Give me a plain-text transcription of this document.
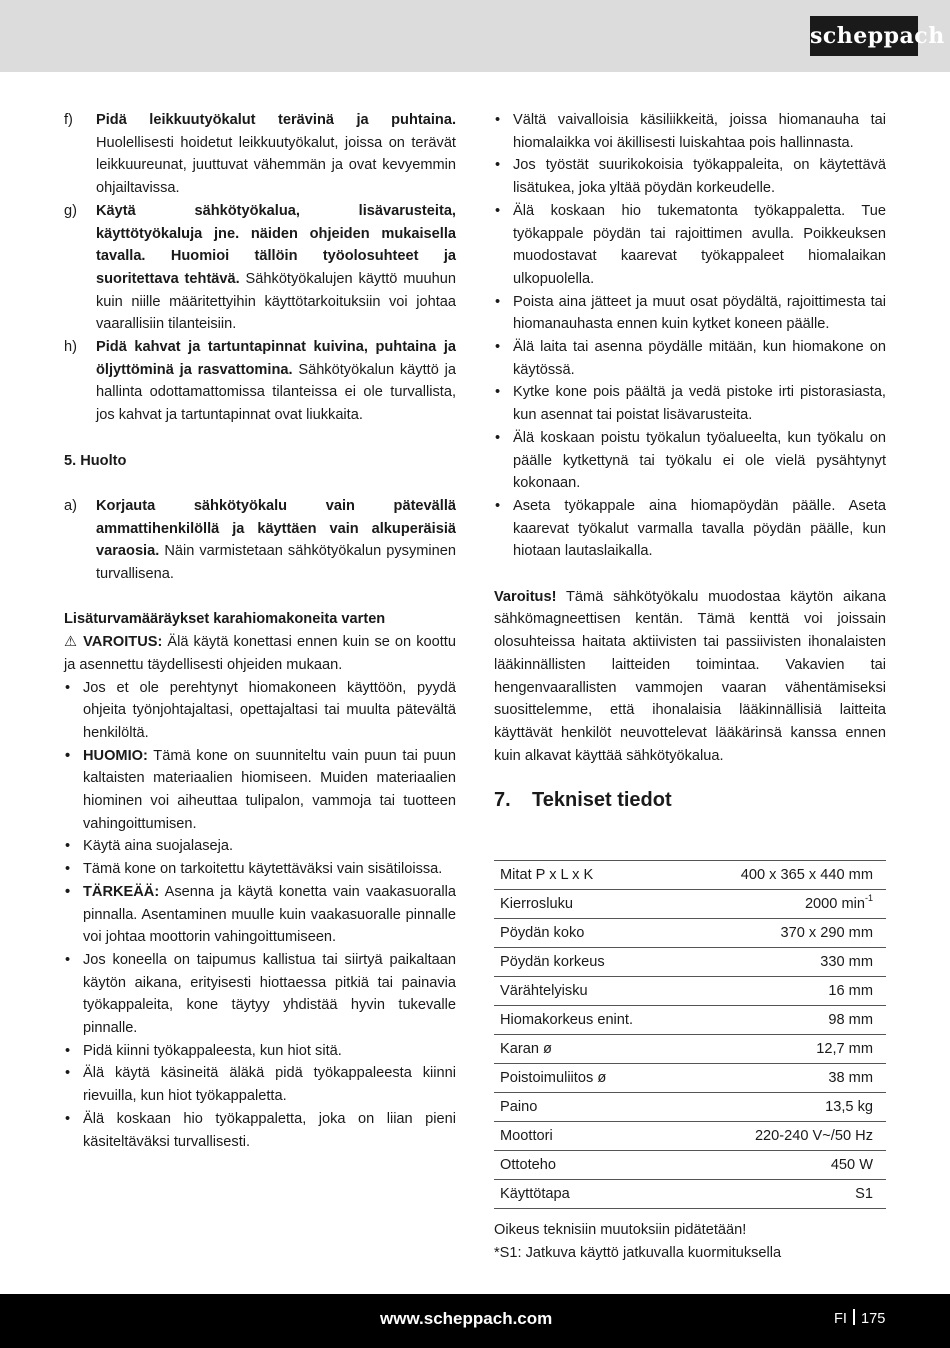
scheppach
f) Pidä leikkuutyökalut terävinä ja puhtaina. Huolellisesti hoidetut leikkuutyökalut, joissa on terävät leikkuureunat, juuttuvat vähemmän ja ovat kevyemmin ohjailtavissa.
g) Käytä sähkötyökalua, lisävarusteita, käyttötyökaluja jne. näiden ohjeiden mukaisella tavalla. Huomioi tällöin työolosuhteet ja suoritettava tehtävä. Sähkötyökalujen käyttö muuhun kuin niille määritettyihin käyttötarkoituksiin voi johtaa vaarallisiin tilanteisiin.
h) Pidä kahvat ja tartuntapinnat kuivina, puhtaina ja öljyttöminä ja rasvattomina. Sähkötyökalun käyttö ja hallinta odottamattomissa tilanteissa ei ole turvallista, jos kahvat ja tartuntapinnat ovat liukkaita.
5. Huolto
a) Korjauta sähkötyökalu vain pätevällä ammattihenkilöllä ja käyttäen vain alkuperäisiä varaosia. Näin varmistetaan sähkötyökalun pysyminen turvallisena.
Lisäturvamääräykset karahiomakoneita varten
⚠ VAROITUS: Älä käytä konettasi ennen kuin se on koottu ja asennettu täydellisesti ohjeiden mukaan.
• Jos et ole perehtynyt hiomakoneen käyttöön, pyydä ohjeita työnjohtajaltasi, opettajaltasi tai muulta pätevältä henkilöltä.
• HUOMIO: Tämä kone on suunniteltu vain puun tai puun kaltaisten materiaalien hiomiseen. Muiden materiaalien hiominen voi aiheuttaa tulipalon, vammoja tai tuotteen vahingoittumisen.
• Käytä aina suojalaseja.
• Tämä kone on tarkoitettu käytettäväksi vain sisätiloissa.
• TÄRKEÄÄ: Asenna ja käytä konetta vain vaakasuoralla pinnalla. Asentaminen muulle kuin vaakasuoralle pinnalle voi johtaa moottorin vahingoittumiseen.
• Jos koneella on taipumus kallistua tai siirtyä paikaltaan käytön aikana, erityisesti hiottaessa pitkiä tai painavia työkappaleita, kone täytyy yhdistää hyvin tukevalle pinnalle.
• Pidä kiinni työkappaleesta, kun hiot sitä.
• Älä käytä käsineitä äläkä pidä työkappaleesta kiinni rievuilla, kun hiot työkappaletta.
• Älä koskaan hio työkappaletta, joka on liian pieni käsiteltäväksi turvallisesti.
• Vältä vaivalloisia käsiliikkeitä, joissa hiomanauha tai hiomalaikka voi äkillisesti luiskahtaa pois hallinnasta.
• Jos työstät suurikokoisia työkappaleita, on käytettävä lisätukea, joka yltää pöydän korkeudelle.
• Älä koskaan hio tukematonta työkappaletta. Tue työkappale pöydän tai rajoittimen avulla. Poikkeuksen muodostavat kaarevat työkappaleet hiomalaikan ulkopuolella.
• Poista aina jätteet ja muut osat pöydältä, rajoittimesta tai hiomanauhasta ennen kuin kytket koneen päälle.
• Älä laita tai asenna pöydälle mitään, kun hiomakone on käytössä.
• Kytke kone pois päältä ja vedä pistoke irti pistorasiasta, kun asennat tai poistat lisävarusteita.
• Älä koskaan poistu työkalun työalueelta, kun työkalu on päälle kytkettynä tai työkalu ei ole vielä pysähtynyt kokonaan.
• Aseta työkappale aina hiomapöydän päälle. Aseta kaarevat työkalut varmalla tavalla pöydän päälle, kun hiotaan lautaslaikalla.
Varoitus! Tämä sähkötyökalu muodostaa käytön aikana sähkömagneettisen kentän. Tämä kenttä voi joissain olosuhteissa haitata aktiivisten tai passiivisten ihonalaisten lääkinnällisten laitteiden toimintaa. Vakavien tai hengenvaarallisten vammojen vaaran vähentämiseksi suosittelemme, että ihonalaisia lääkinnällisiä laitteita käyttävät henkilöt neuvottelevat lääkärinsä kanssa ennen kuin alkavat käyttää sähkötyökalua.
7. Tekniset tiedot
Mitat P x L x K	400 x 365 x 440 mm
Kierrosluku	2000 $\min^{-1}$
Pöydän koko	370 x 290 mm
Pöydän korkeus	330 mm
Värähtelyisku	16 mm
Hiomakorkeus enint.	98 mm
Karan ø	12,7 mm
Poistoimuliitos ø	38 mm
Paino	13,5 kg
Moottori	220-240 V~/50 Hz
Ottoteho	450 W
Käyttötapa	S1
Oikeus teknisiin muutoksiin pidätetään!
*S1: Jatkuva käyttö jatkuvalla kuormituksella
www.scheppach.com	FI 175
